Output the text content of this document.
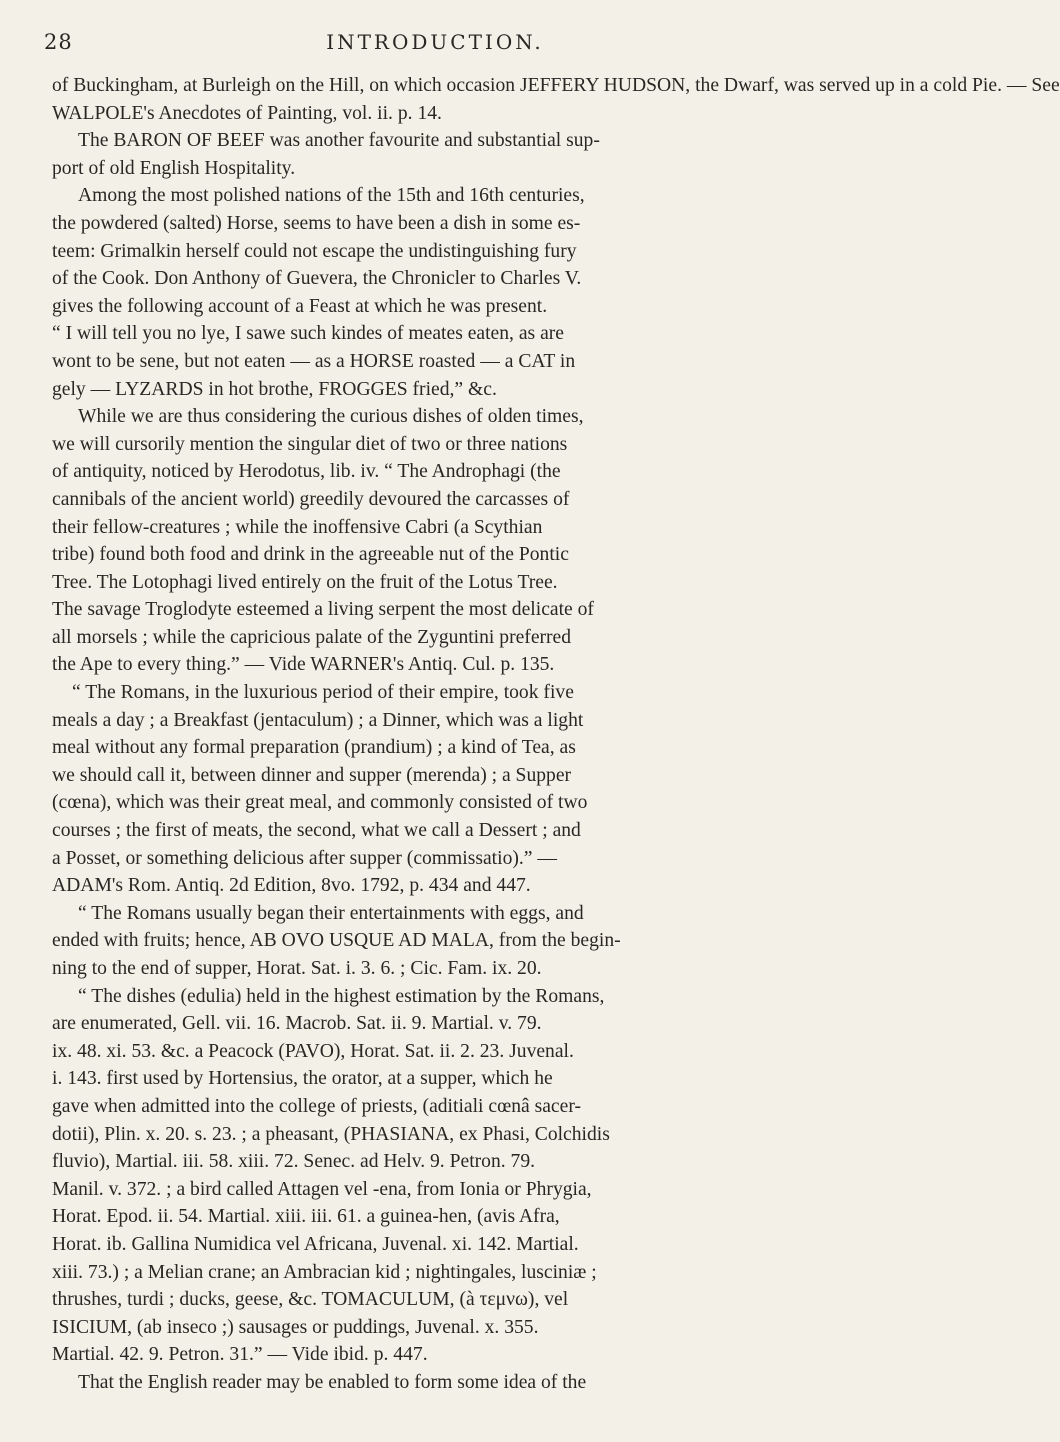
28	INTRODUCTION.
of Buckingham, at Burleigh on the Hill, on which occasion JEFFERY HUDSON, the Dwarf, was served up in a cold Pie. — See
WALPOLE's Anecdotes of Painting, vol. ii. p. 14.
The BARON OF BEEF was another favourite and substantial sup-
port of old English Hospitality.
Among the most polished nations of the 15th and 16th centuries,
the powdered (salted) Horse, seems to have been a dish in some es-
teem: Grimalkin herself could not escape the undistinguishing fury
of the Cook. Don Anthony of Guevera, the Chronicler to Charles V.
gives the following account of a Feast at which he was present.
“ I will tell you no lye, I sawe such kindes of meates eaten, as are
wont to be sene, but not eaten — as a HORSE roasted — a CAT in
gely — LYZARDS in hot brothe, FROGGES fried,” &c.
While we are thus considering the curious dishes of olden times,
we will cursorily mention the singular diet of two or three nations
of antiquity, noticed by Herodotus, lib. iv. “ The Androphagi (the
cannibals of the ancient world) greedily devoured the carcasses of
their fellow-creatures ; while the inoffensive Cabri (a Scythian
tribe) found both food and drink in the agreeable nut of the Pontic
Tree. The Lotophagi lived entirely on the fruit of the Lotus Tree.
The savage Troglodyte esteemed a living serpent the most delicate of
all morsels ; while the capricious palate of the Zyguntini preferred
the Ape to every thing.” — Vide WARNER's Antiq. Cul. p. 135.
“ The Romans, in the luxurious period of their empire, took five
meals a day ; a Breakfast (jentaculum) ; a Dinner, which was a light
meal without any formal preparation (prandium) ; a kind of Tea, as
we should call it, between dinner and supper (merenda) ; a Supper
(cœna), which was their great meal, and commonly consisted of two
courses ; the first of meats, the second, what we call a Dessert ; and
a Posset, or something delicious after supper (commissatio).” —
ADAM's Rom. Antiq. 2d Edition, 8vo. 1792, p. 434 and 447.
“ The Romans usually began their entertainments with eggs, and
ended with fruits; hence, AB OVO USQUE AD MALA, from the begin-
ning to the end of supper, Horat. Sat. i. 3. 6. ; Cic. Fam. ix. 20.
“ The dishes (edulia) held in the highest estimation by the Romans,
are enumerated, Gell. vii. 16. Macrob. Sat. ii. 9. Martial. v. 79.
ix. 48. xi. 53. &c. a Peacock (PAVO), Horat. Sat. ii. 2. 23. Juvenal.
i. 143. first used by Hortensius, the orator, at a supper, which he
gave when admitted into the college of priests, (aditiali cœnâ sacer-
dotii), Plin. x. 20. s. 23. ; a pheasant, (PHASIANA, ex Phasi, Colchidis
fluvio), Martial. iii. 58. xiii. 72. Senec. ad Helv. 9. Petron. 79.
Manil. v. 372. ; a bird called Attagen vel -ena, from Ionia or Phrygia,
Horat. Epod. ii. 54. Martial. xiii. iii. 61. a guinea-hen, (avis Afra,
Horat. ib. Gallina Numidica vel Africana, Juvenal. xi. 142. Martial.
xiii. 73.) ; a Melian crane; an Ambracian kid ; nightingales, lusciniæ ;
thrushes, turdi ; ducks, geese, &c. TOMACULUM, (à τεμνω), vel
ISICIUM, (ab inseco ;) sausages or puddings, Juvenal. x. 355.
Martial. 42. 9. Petron. 31.” — Vide ibid. p. 447.
That the English reader may be enabled to form some idea of the
